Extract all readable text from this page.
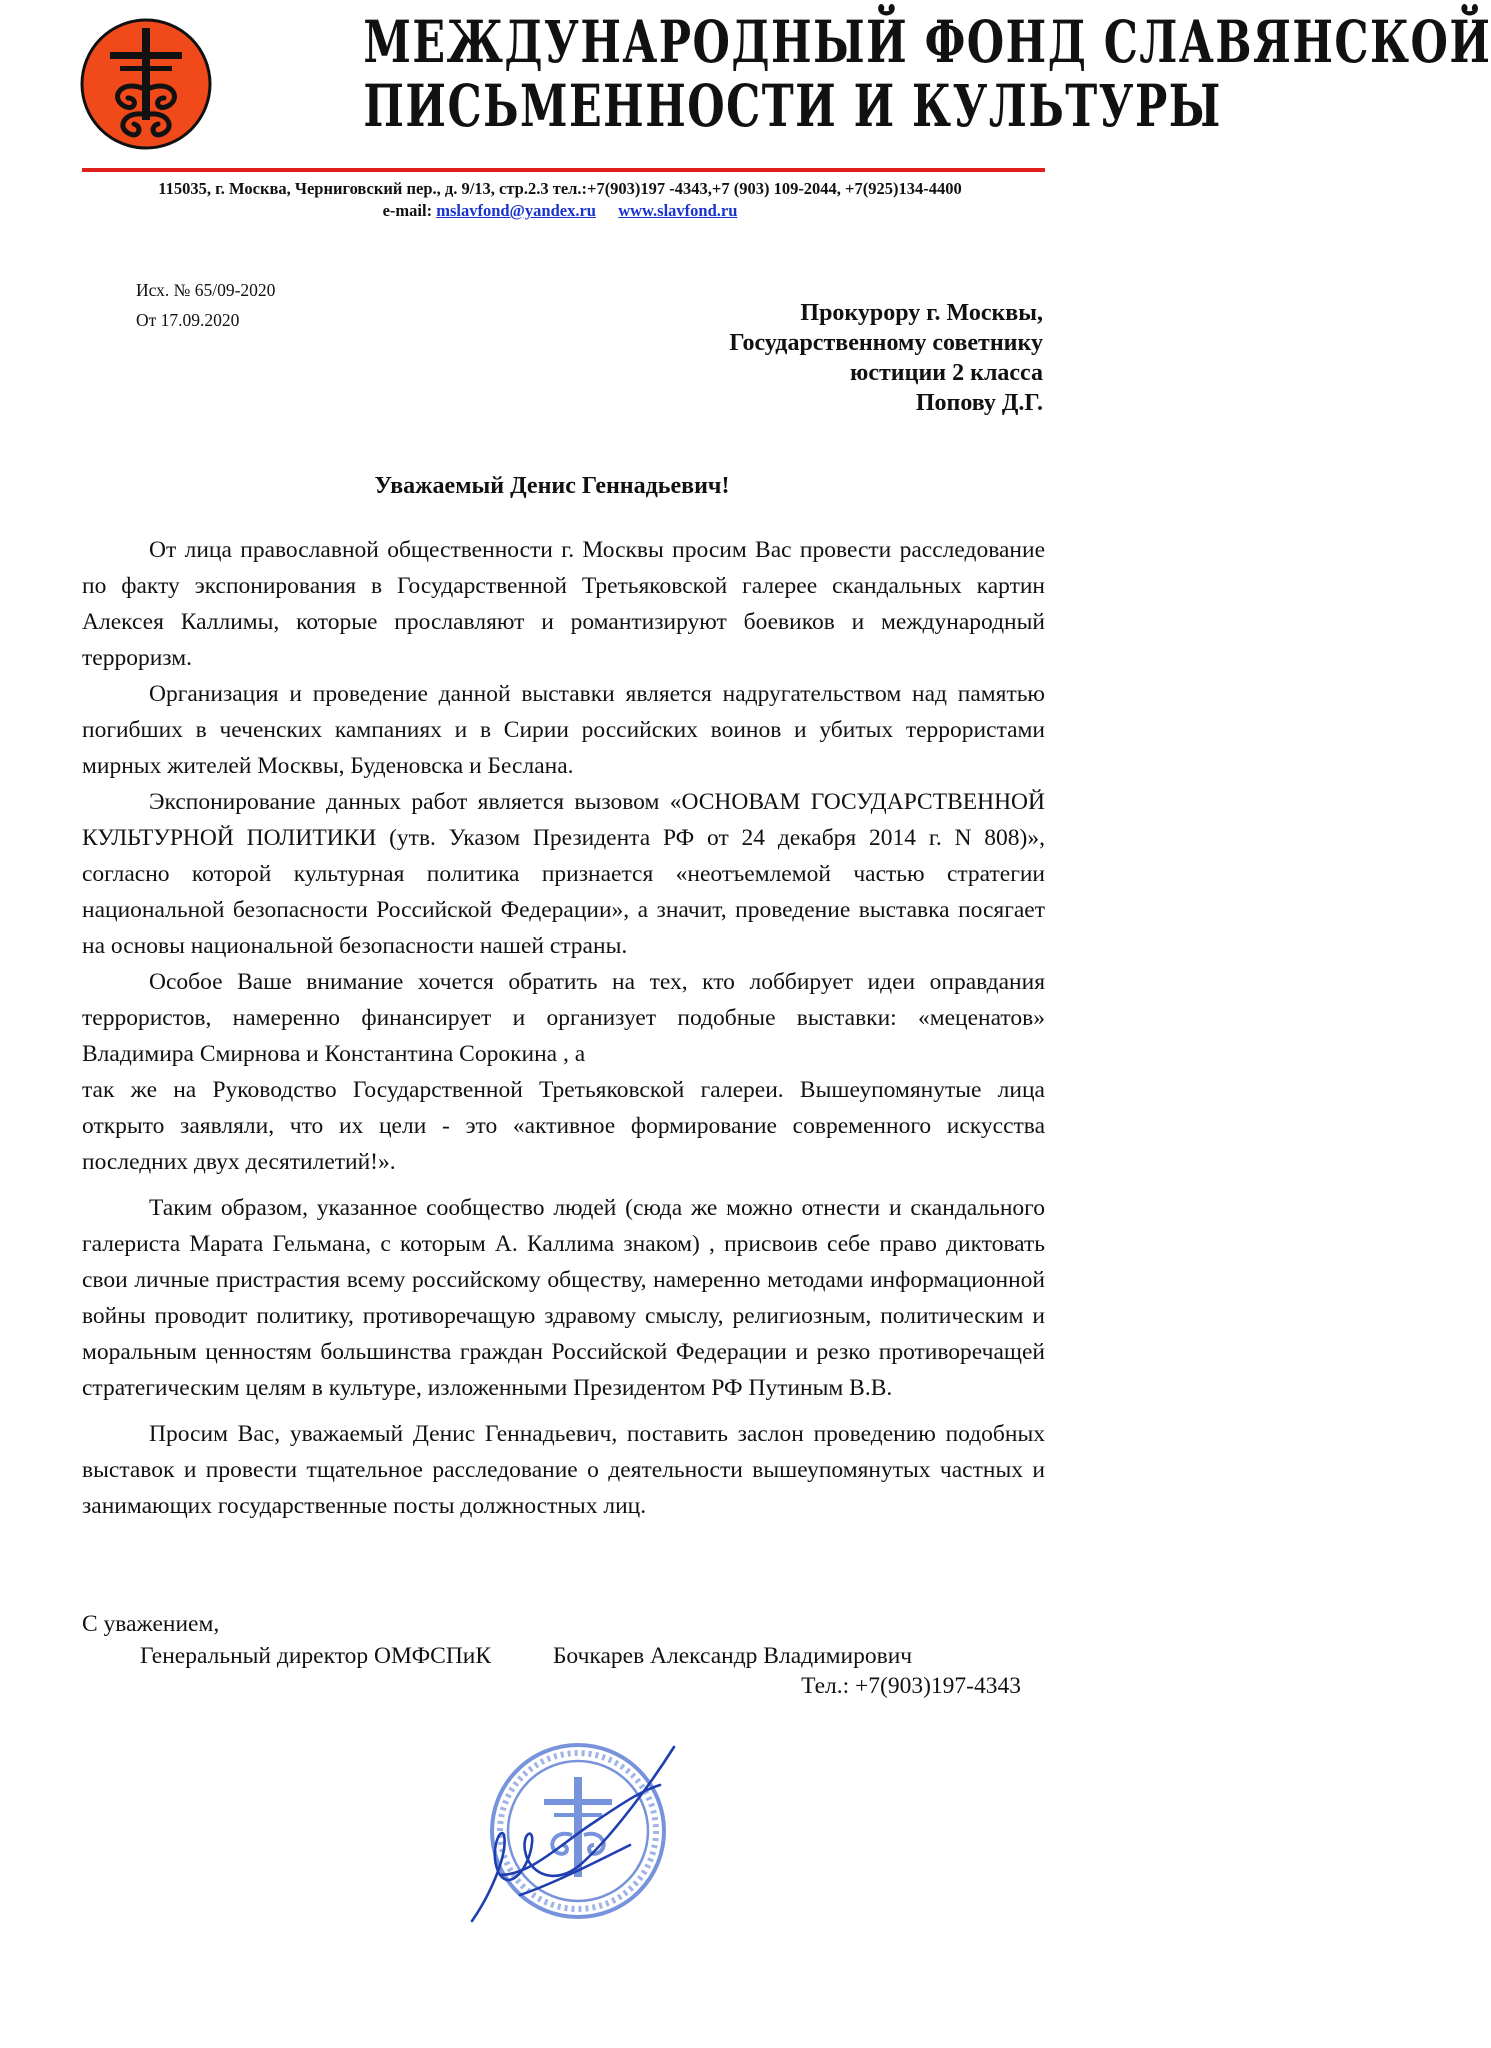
МЕЖДУНАРОДНЫЙ ФОНД СЛАВЯНСКОЙ
ПИСЬМЕННОСТИ И КУЛЬТУРЫ
115035, г. Москва, Черниговский пер., д. 9/13, стр.2.3 тел.:+7(903)197 -4343,+7 (903) 109-2044, +7(925)134-4400
e-mail: mslavfond@yandex.ru www.slavfond.ru
Исх. № 65/09-2020
От 17.09.2020	Прокурору г. Москвы,
Государственному советнику
юстиции 2 класса
Попову Д.Г.
Уважаемый Денис Геннадьевич!

От лица православной общественности г. Москвы просим Вас провести расследование по факту экспонирования в Государственной Третьяковской галерее скандальных картин Алексея Каллимы, которые прославляют и романтизируют боевиков и международный терроризм.

Организация и проведение данной выставки является надругательством над памятью погибших в чеченских кампаниях и в Сирии российских воинов и убитых террористами мирных жителей Москвы, Буденовска и Беслана.

Экспонирование данных работ является вызовом «ОСНОВАМ ГОСУДАРСТВЕННОЙ КУЛЬТУРНОЙ ПОЛИТИКИ (утв. Указом Президента РФ от 24 декабря 2014 г. N 808)», согласно которой культурная политика признается «неотъемлемой частью стратегии национальной безопасности Российской Федерации», а значит, проведение выставка посягает на основы национальной безопасности нашей страны.

Особое Ваше внимание хочется обратить на тех, кто лоббирует идеи оправдания террористов, намеренно финансирует и организует подобные выставки: «меценатов» Владимира Смирнова и Константина Сорокина , а

так же на Руководство Государственной Третьяковской галереи. Вышеупомянутые лица открыто заявляли, что их цели - это «активное формирование современного искусства последних двух десятилетий!».

Таким образом, указанное сообщество людей (сюда же можно отнести и скандального галериста Марата Гельмана, с которым А. Каллима знаком) , присвоив себе право диктовать свои личные пристрастия всему российскому обществу, намеренно методами информационной войны проводит политику, противоречащую здравому смыслу, религиозным, политическим и моральным ценностям большинства граждан Российской Федерации и резко противоречащей стратегическим целям в культуре, изложенными Президентом РФ Путиным В.В.

Просим Вас, уважаемый Денис Геннадьевич, поставить заслон проведению подобных выставок и провести тщательное расследование о деятельности вышеупомянутых частных и занимающих государственные посты должностных лиц.

С уважением,
Генеральный директор ОМФСПиК	Бочкарев Александр Владимирович
Тел.: +7(903)197-4343
